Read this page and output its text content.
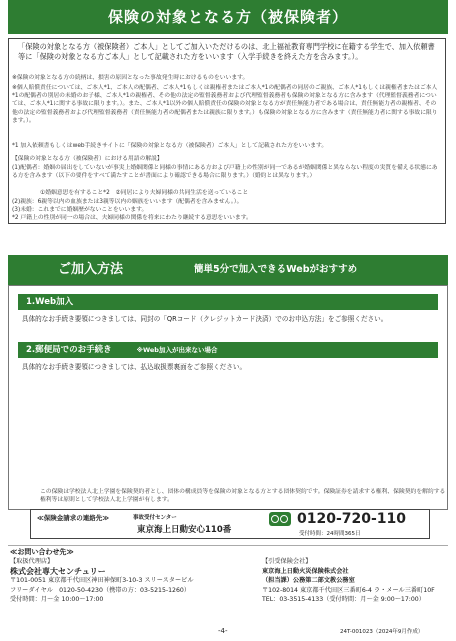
保険の対象となる方（被保険者）
「保険の対象となる方（被保険者）ご本人」としてご加入いただけるのは、北上福祉教育専門学校に在籍する学生で、加入依頼書等に「保険の対象となる方ご本人」として記載された方をいいます（入学手続きを終えた方を含みます。）。
※保険の対象となる方の続柄は、損害の原因となった事故発生時におけるものをいいます。
※個人賠償責任については、ご本人*1、ご本人の配偶者、ご本人*1もしくは親権者またはご本人*1の配偶者の同居のご親族、ご本人*1もしくは親権者またはご本人*1の配偶者の別居の未婚のお子様、ご本人*1の親権者、その他の法定の監督義務者および代理監督義務者も保険の対象となる方に含みます（代理監督義務者については、ご本人*1に関する事故に限ります。）。また、ご本人*1以外の個人賠償責任の保険の対象となる方が責任無能力者である場合は、責任無能力者の親権者、その他の法定の監督義務者および代理監督義務者（責任無能力者の配偶者または親族に限ります。）も保険の対象となる方に含みます（責任無能力者に関する事故に限ります。）。
*1 加入依頼書もしくはweb手続きサイトに「保険の対象となる方（被保険者）ご本人」として記載された方をいいます。
【保険の対象となる方（被保険者）における用語の解説】
(1)配偶者：婚姻の届出をしていないが事実上婚姻関係と同様の事情にある方および戸籍上の性別が同一であるが婚姻関係と異ならない程度の実質を備える状態にある方を含みます（以下の要件をすべて満たすことが書面により確認できる場合に限ります。）（婚約とは異なります。）
①婚姻意思を有すること*2　②同居により夫婦同様の共同生活を送っていること
(2)親族：6親等以内の血族または3親等以内の姻族をいいます（配偶者を含みません。）。
(3)未婚：これまでに婚姻歴がないことをいいます。
*2 戸籍上の性別が同一の場合は、夫婦同様の関係を将来にわたり継続する意思をいいます。
ご加入方法	簡単5分で加入できるWebがおすすめ
1.Web加入
具体的なお手続き要領につきましては、同封の「QRコード（クレジットカード決済）でのお申込方法」をご参照ください。
2.郵便局でのお手続き	※Web加入が出来ない場合
具体的なお手続き要領につきましては、払込取扱票裏面をご参照ください。
この保険は学校法人北上学園を保険契約者とし、団体の構成員等を保険の対象となる方とする団体契約です。保険証券を請求する権利、保険契約を解約する権利等は原則として学校法人北上学園が有します。
≪保険金請求の連絡先≫	事故受付センター
東京海上日動安心110番
0120-720-110
受付時間：24時間365日
≪お問い合わせ先≫
【取扱代理店】
株式会社専大センチュリー
〒101-0051 東京都千代田区神田神保町3-10-3 スリースタービル
フリーダイヤル　0120-50-4230（携帯の方：03-5215-1260）
受付時間：月～金 10:00～17:00
【引受保険会社】
東京海上日動火災保険株式会社
（担当課）公務第二部文教公務室
〒102-8014 東京都千代田区三番町6-4 ラ・メール三番町10F
TEL：03-3515-4133（受付時間：月～金 9:00～17:00）
-4-	24T-001023（2024年9月作成）
